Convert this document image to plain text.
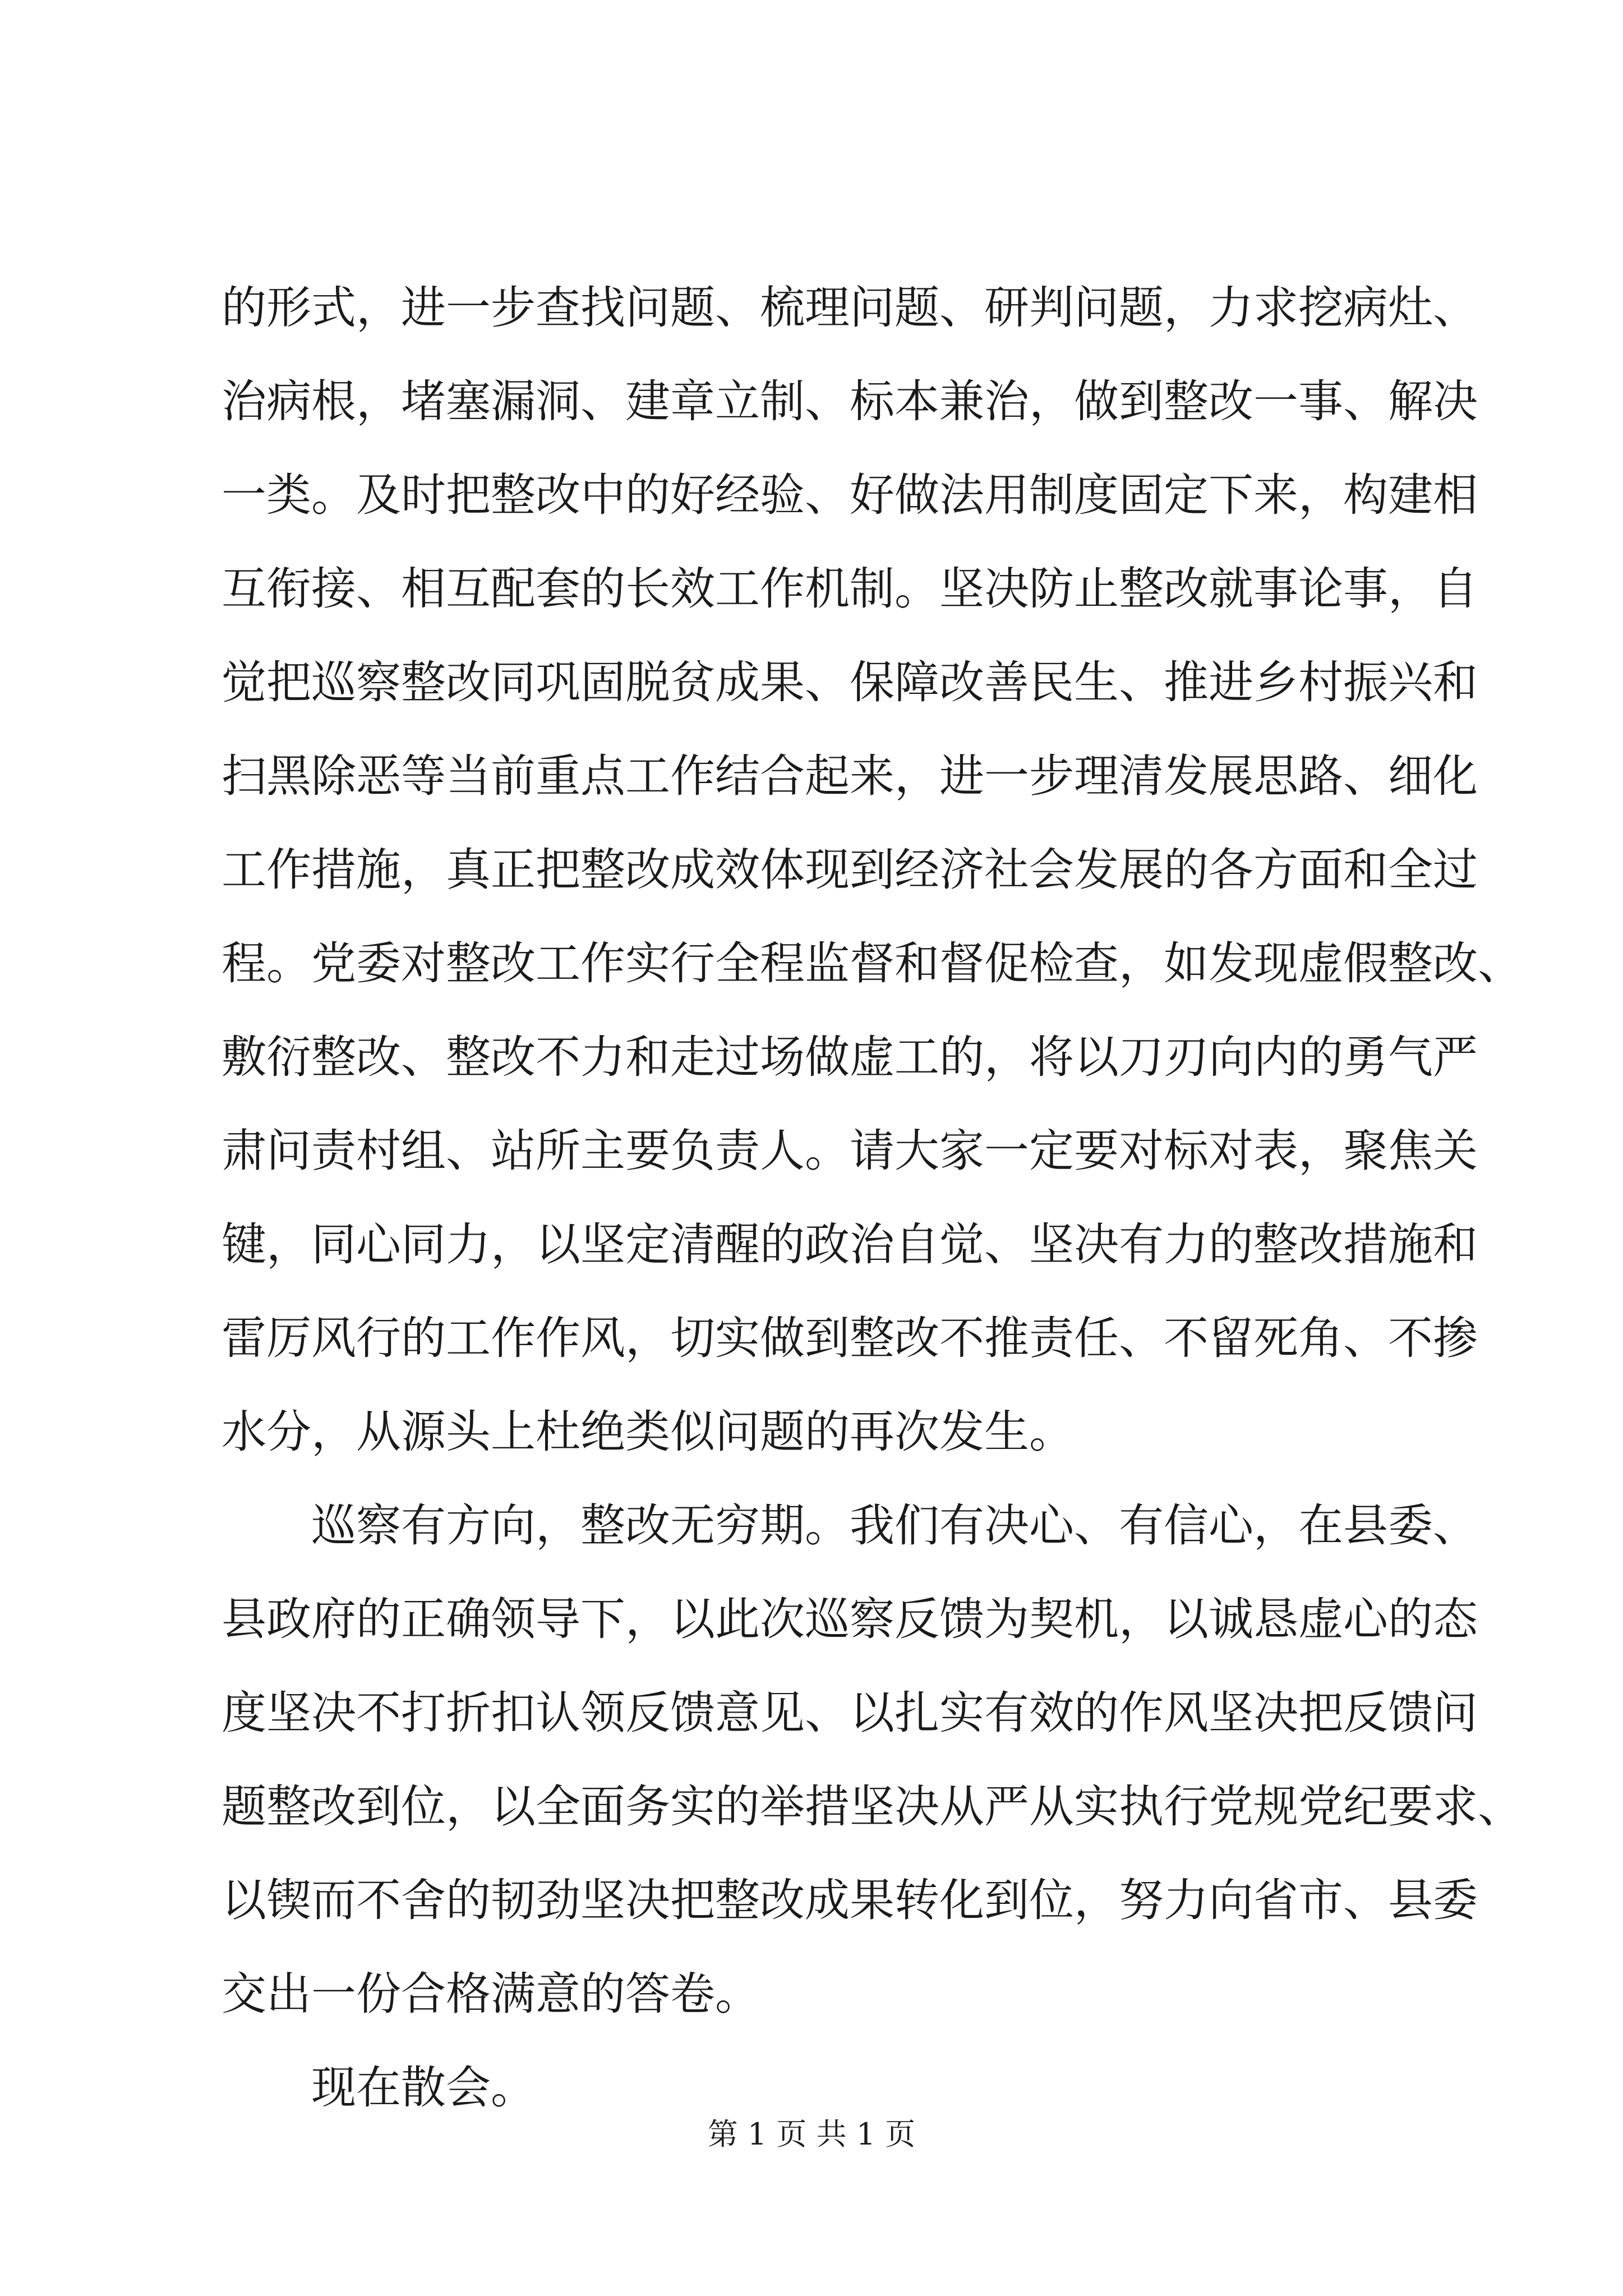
的形式，进一步查找问题、梳理问题、研判问题，力求挖病灶、
治病根，堵塞漏洞、建章立制、标本兼治，做到整改一事、解决
一类。及时把整改中的好经验、好做法用制度固定下来，构建相
互衔接、相互配套的长效工作机制。坚决防止整改就事论事，自
觉把巡察整改同巩固脱贫成果、保障改善民生、推进乡村振兴和
扫黑除恶等当前重点工作结合起来，进一步理清发展思路、细化
工作措施，真正把整改成效体现到经济社会发展的各方面和全过
程。党委对整改工作实行全程监督和督促检查，如发现虚假整改、
敷衍整改、整改不力和走过场做虚工的，将以刀刃向内的勇气严
肃问责村组、站所主要负责人。请大家一定要对标对表，聚焦关
键，同心同力，以坚定清醒的政治自觉、坚决有力的整改措施和
雷厉风行的工作作风，切实做到整改不推责任、不留死角、不掺
水分，从源头上杜绝类似问题的再次发生。
巡察有方向，整改无穷期。我们有决心、有信心，在县委、
县政府的正确领导下，以此次巡察反馈为契机，以诚恳虚心的态
度坚决不打折扣认领反馈意见、以扎实有效的作风坚决把反馈问
题整改到位，以全面务实的举措坚决从严从实执行党规党纪要求、
以锲而不舍的韧劲坚决把整改成果转化到位，努力向省市、县委
交出一份合格满意的答卷。
现在散会。
第 1 页 共 1 页
